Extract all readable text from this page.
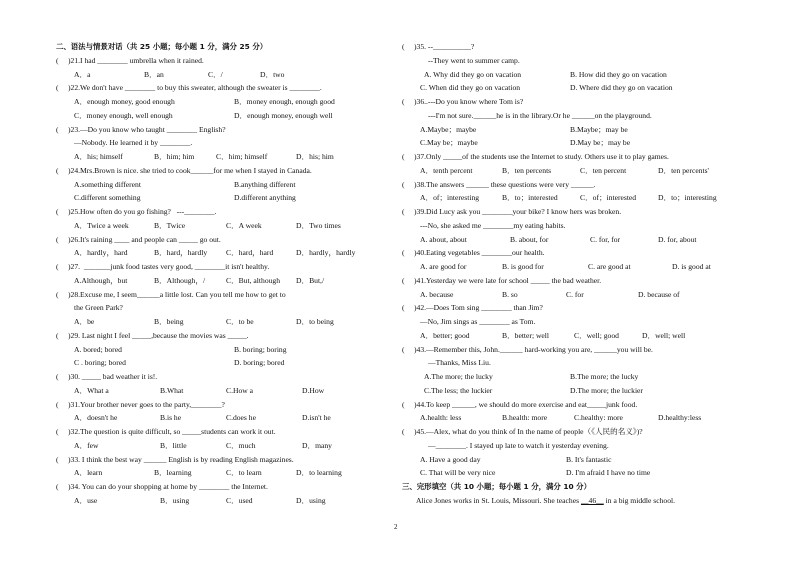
二、语法与情景对话（共 25 小题；每小题 1 分，满分 25 分）

(

)21.I had ________ umbrella when it rained.

A．a

	B．an

	C．/

	D．two

(

)22.We don't have ________ to buy this sweater, although the sweater is ________.

A．enough money, good enough

	B．money enough, enough good

C．money enough, well enough

	D．enough money, enough well

(

)23.—Do you know who taught ________ English?

—Nobody. He learned it by ________.

A．his; himself

	B．him; him

	C．him; himself

	D．his; him

(

)24.Mrs.Brown is nice. she tried to cook______for me when I stayed in Canada.

A.something different

	B.anything different

C.different something

	D.different anything

(

)25.How often do you go fishing?   ---________.

A．Twice a week

	B．Twice

	C．A week

	D．Two times

(

)26.It's raining ____ and people can _____ go out.

A．hardly，hard

	B．hard，hardly

C．hard，hard

	D．hardly，hardly

(

)27.  _______junk food tastes very good, ________it isn't healthy.

A.Although，but

	B．Although，/

	C．But, although

D．But,/

(

)28.Excuse me, I seem______a little lost. Can you tell me how to get to

the Green Park?

A．be

	B．being

	C．to be

	D．to being

(

)29. Last night I feel _____,because the movies was _____.

A. bored; bored

	B. boring; boring

C . boring; bored

	D. boring; bored

(

)30. _____ bad weather it is!.

A．What a

	B.What

	C.How a

	D.How

(

)31.Your brother never goes to the party,________?

A．doesn't he

	B.is he

	C.does he

	D.isn't he

(

)32.The question is quite difficult, so _____students can work it out.

A．few

	B．little

	C．much

	D．many

(

)33. I think the best way ______ English is by reading English magazines.

A．learn

	B．learning

	C．to learn

	D．to learning

(

)34. You can do your shopping at home by ________ the Internet.

A．use

	B．using

	C．used

	D．using

(

)35. --__________?

--They went to summer camp.

A. Why did they go on vacation

	B. How did they go on vacation

C. When did they go on vacation

	D. Where did they go on vacation

(

)36..---Do you know where Tom is?

---I'm not sure.______he is in the library.Or he ______on the playground.

A.Maybe；maybe

	B.Maybe；may be

C.May be；maybe

	D.May be；may be

(

)37.Only _____of the students use the Internet to study. Others use it to play games.

A．tenth percent

	B．ten percents

	C．ten percent

	D．ten percents'

(

)38.The answers ______ these questions were very ______.

A．of；interesting

	B．to；interested

	C．of；interested

	D．to；interesting

(

)39.Did Lucy ask you ________your bike? I know hers was broken.

---No, she asked me ________my eating habits.

A. about, about

	B. about, for

	C. for, for

	D. for, about

(

)40.Eating vegetables ________our health.

A. are good for

	B. is good for

	C. are good at

	D. is good at

(

)41.Yesterday we were late for school _____ the bad weather.

A. because

	B. so

	C. for

	D. because of

(

)42.—Does Tom sing ________ than Jim?

—No, Jim sings as ________ as Tom.

A．better; good

	B．better; well

	C．well; good

	D．well; well

(

)43.—Remember this, John.______ hard-working you are, ______you will be.

—Thanks, Miss Liu.

A.The more; the lucky

	B.The more; the lucky

C.The less; the luckier

	D.The more; the luckier

(

)44.To keep ______, we should do more exercise and eat_____junk food.

A.health: less

	B.health: more

	C.healthy: more

	D.healthy:less

(

)45.—Alex, what do you think of In the name of people（《人民的名义》)?

—________. I stayed up late to watch it yesterday evening.

A. Have a good day

	B. It's fantastic

C. That will be very nice

	D. I'm afraid I have no time

三、完形填空（共 10 小题；每小题 1 分，满分 10 分）

Alice Jones works in St. Louis, Missouri. She teaches __46__ in a big middle school.

2
